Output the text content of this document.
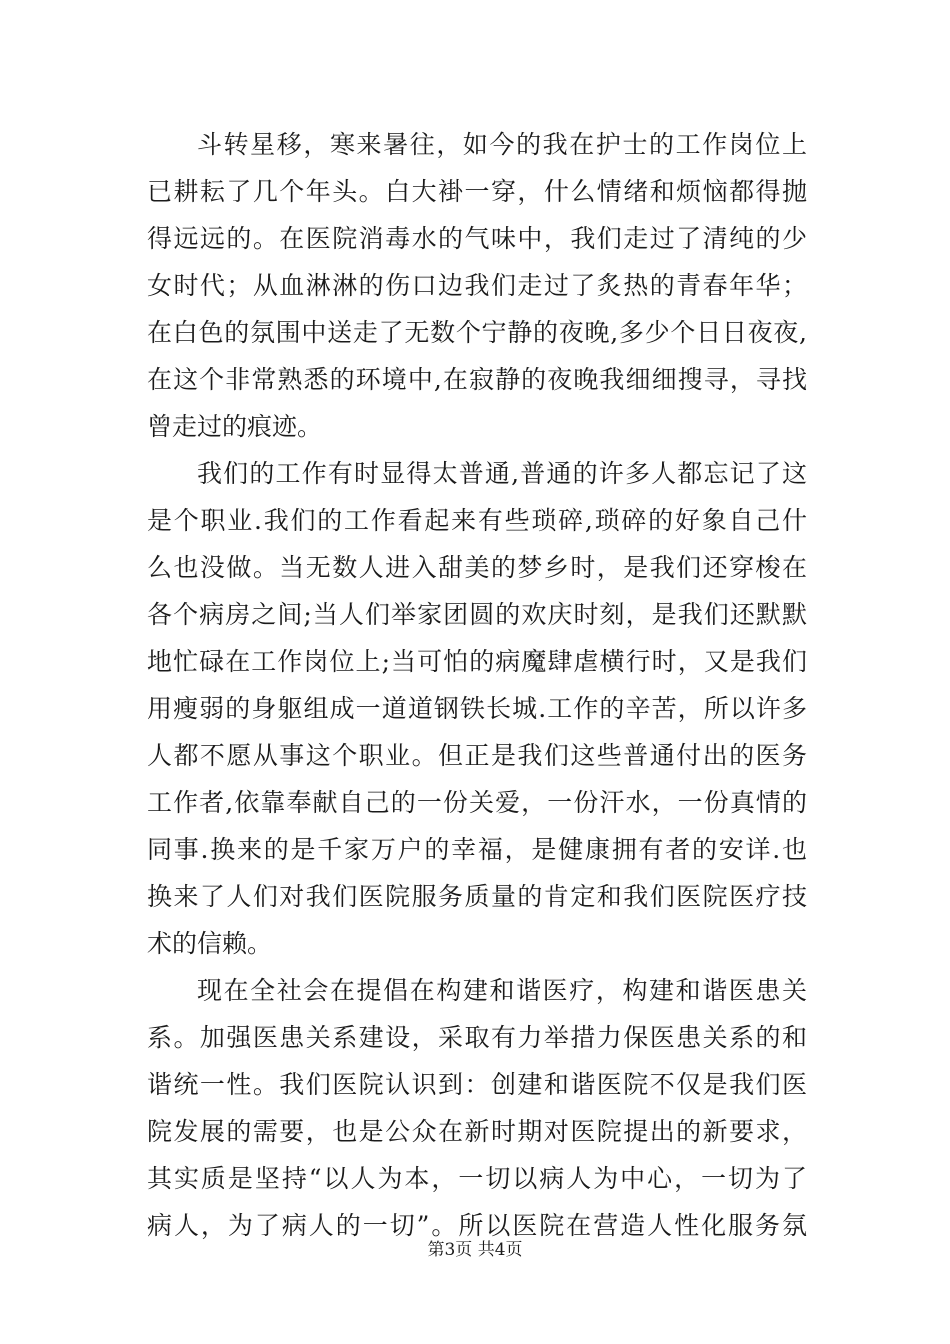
斗转星移，寒来暑往，如今的我在护士的工作岗位上
已耕耘了几个年头。白大褂一穿，什么情绪和烦恼都得抛
得远远的。在医院消毒水的气味中，我们走过了清纯的少
女时代；从血淋淋的伤口边我们走过了炙热的青春年华；
在白色的氛围中送走了无数个宁静的夜晚,多少个日日夜夜,
在这个非常熟悉的环境中,在寂静的夜晚我细细搜寻，寻找
曾走过的痕迹。
我们的工作有时显得太普通,普通的许多人都忘记了这
是个职业.我们的工作看起来有些琐碎,琐碎的好象自己什
么也没做。当无数人进入甜美的梦乡时，是我们还穿梭在
各个病房之间;当人们举家团圆的欢庆时刻，是我们还默默
地忙碌在工作岗位上;当可怕的病魔肆虐横行时，又是我们
用瘦弱的身躯组成一道道钢铁长城.工作的辛苦，所以许多
人都不愿从事这个职业。但正是我们这些普通付出的医务
工作者,依靠奉献自己的一份关爱，一份汗水，一份真情的
同事.换来的是千家万户的幸福，是健康拥有者的安详.也
换来了人们对我们医院服务质量的肯定和我们医院医疗技
术的信赖。
现在全社会在提倡在构建和谐医疗，构建和谐医患关
系。加强医患关系建设，采取有力举措力保医患关系的和
谐统一性。我们医院认识到：创建和谐医院不仅是我们医
院发展的需要，也是公众在新时期对医院提出的新要求，
其实质是坚持“以人为本，一切以病人为中心，一切为了
病人，为了病人的一切”。所以医院在营造人性化服务氛
第3页 共4页
